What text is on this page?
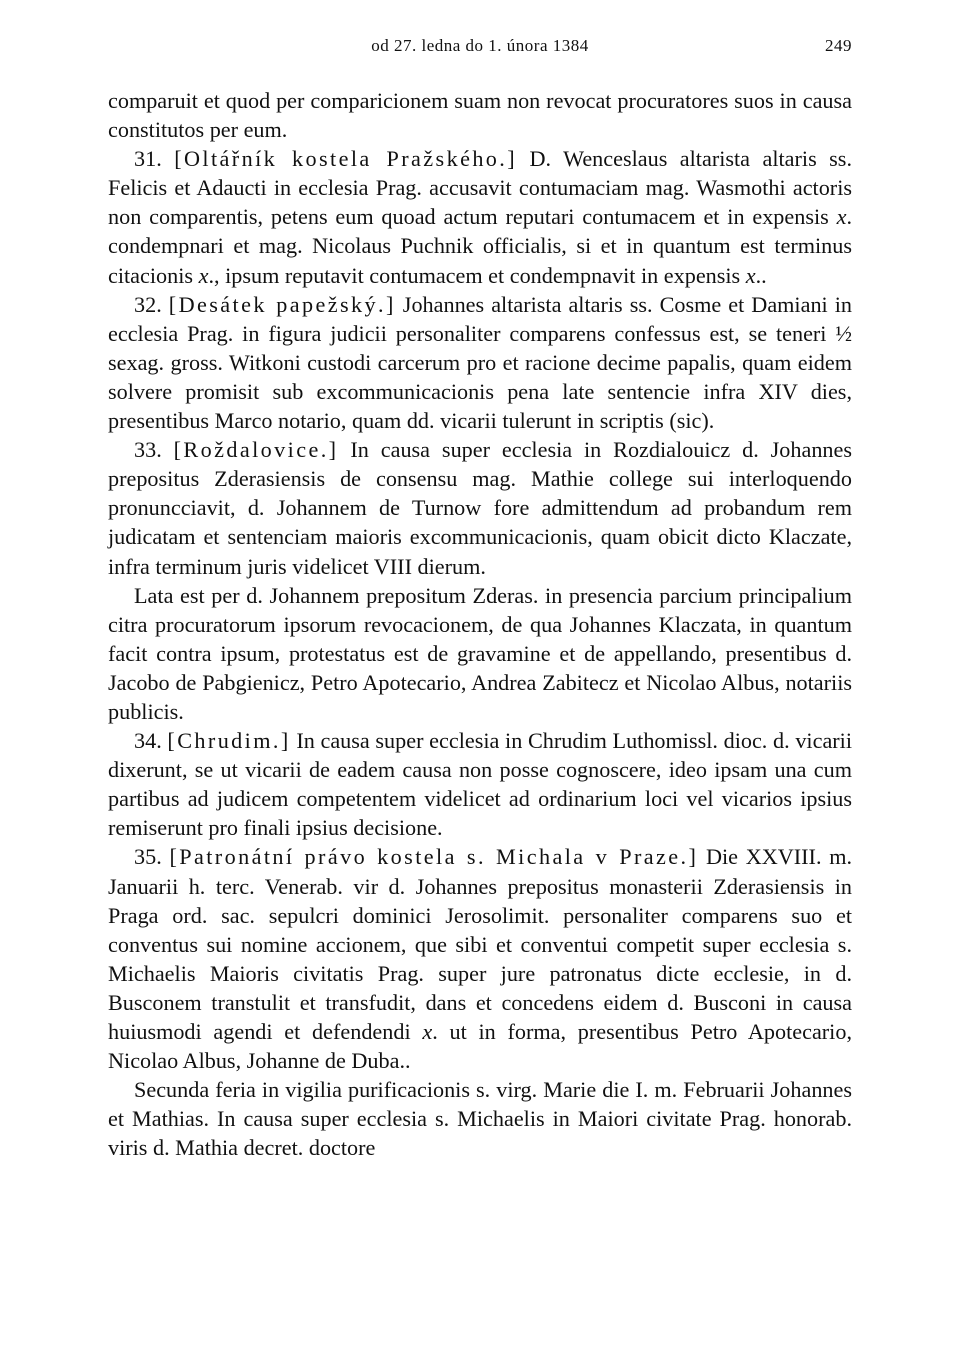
od 27. ledna do 1. února 1384	249

comparuit et quod per comparicionem suam non revocat procuratores suos in causa constitutos per eum.

31. [Oltářník kostela Pražského.] D. Wenceslaus altarista altaris ss. Felicis et Adaucti in ecclesia Prag. accusavit contumaciam mag. Wasmothi actoris non comparentis, petens eum quoad actum reputari contumacem et in expensis x. condempnari et mag. Nicolaus Puchnik officialis, si et in quantum est terminus citacionis x., ipsum reputavit contumacem et condempnavit in expensis x..

32. [Desátek papežský.] Johannes altarista altaris ss. Cosme et Damiani in ecclesia Prag. in figura judicii personaliter comparens confessus est, se teneri ½ sexag. gross. Witkoni custodi carcerum pro et racione decime papalis, quam eidem solvere promisit sub excommunicacionis pena late sentencie infra XIV dies, presentibus Marco notario, quam dd. vicarii tulerunt in scriptis (sic).

33. [Roždalovice.] In causa super ecclesia in Rozdialouicz d. Johannes prepositus Zderasiensis de consensu mag. Mathie college sui interloquendo pronuncciavit, d. Johannem de Turnow fore admittendum ad probandum rem judicatam et sentenciam maioris excommunicacionis, quam obicit dicto Klaczate, infra terminum juris videlicet VIII dierum.

Lata est per d. Johannem prepositum Zderas. in presencia parcium principalium citra procuratorum ipsorum revocacionem, de qua Johannes Klaczata, in quantum facit contra ipsum, protestatus est de gravamine et de appellando, presentibus d. Jacobo de Pabgienicz, Petro Apotecario, Andrea Zabitecz et Nicolao Albus, notariis publicis.

34. [Chrudim.] In causa super ecclesia in Chrudim Luthomissl. dioc. d. vicarii dixerunt, se ut vicarii de eadem causa non posse cognoscere, ideo ipsam una cum partibus ad judicem competentem videlicet ad ordinarium loci vel vicarios ipsius remiserunt pro finali ipsius decisione.

35. [Patronátní právo kostela s. Michala v Praze.] Die XXVIII. m. Januarii h. terc. Venerab. vir d. Johannes prepositus monasterii Zderasiensis in Praga ord. sac. sepulcri dominici Jerosolimit. personaliter comparens suo et conventus sui nomine accionem, que sibi et conventui competit super ecclesia s. Michaelis Maioris civitatis Prag. super jure patronatus dicte ecclesie, in d. Busconem transtulit et transfudit, dans et concedens eidem d. Busconi in causa huiusmodi agendi et defendendi x. ut in forma, presentibus Petro Apotecario, Nicolao Albus, Johanne de Duba..

Secunda feria in vigilia purificacionis s. virg. Marie die I. m. Februarii Johannes et Mathias. In causa super ecclesia s. Michaelis in Maiori civitate Prag. honorab. viris d. Mathia decret. doctore
